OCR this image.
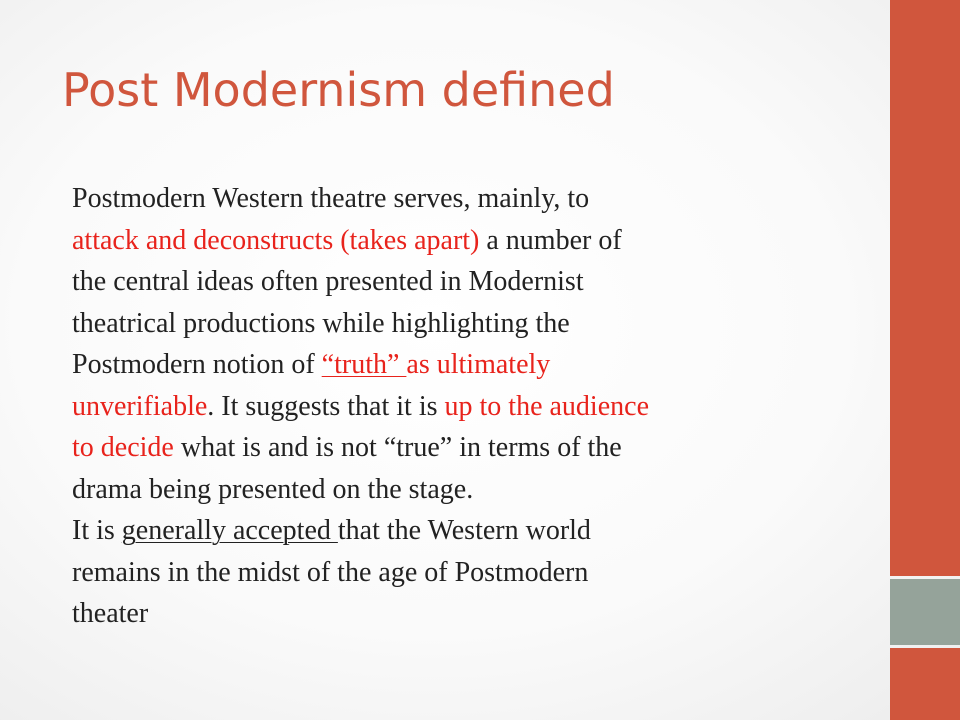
Post Modernism defined

Postmodern Western theatre serves, mainly, to
attack and deconstructs (takes apart) a number of
the central ideas often presented in Modernist
theatrical productions while highlighting the
Postmodern notion of “truth” as ultimately
unverifiable. It suggests that it is up to the audience
to decide what is and is not “true” in terms of the
drama being presented on the stage.

It is generally accepted that the Western world
remains in the midst of the age of Postmodern
theater
